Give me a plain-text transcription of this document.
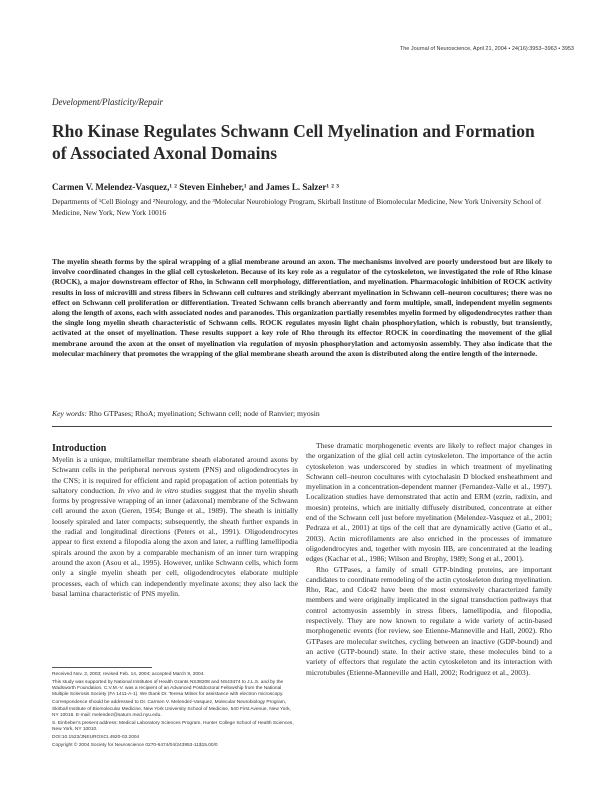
The Journal of Neuroscience, April 21, 2004 • 24(16):3953–3963 • 3953
Development/Plasticity/Repair
Rho Kinase Regulates Schwann Cell Myelination and Formation of Associated Axonal Domains
Carmen V. Melendez-Vasquez,¹ ² Steven Einheber,¹ and James L. Salzer¹ ² ³
Departments of ¹Cell Biology and ²Neurology, and the ³Molecular Neurobiology Program, Skirball Institute of Biomolecular Medicine, New York University School of Medicine, New York, New York 10016
The myelin sheath forms by the spiral wrapping of a glial membrane around an axon. The mechanisms involved are poorly understood but are likely to involve coordinated changes in the glial cell cytoskeleton. Because of its key role as a regulator of the cytoskeleton, we investigated the role of Rho kinase (ROCK), a major downstream effector of Rho, in Schwann cell morphology, differentiation, and myelination. Pharmacologic inhibition of ROCK activity results in loss of microvilli and stress fibers in Schwann cell cultures and strikingly aberrant myelination in Schwann cell–neuron cocultures; there was no effect on Schwann cell proliferation or differentiation. Treated Schwann cells branch aberrantly and form multiple, small, independent myelin segments along the length of axons, each with associated nodes and paranodes. This organization partially resembles myelin formed by oligodendrocytes rather than the single long myelin sheath characteristic of Schwann cells. ROCK regulates myosin light chain phosphorylation, which is robustly, but transiently, activated at the onset of myelination. These results support a key role of Rho through its effector ROCK in coordinating the movement of the glial membrane around the axon at the onset of myelination via regulation of myosin phosphorylation and actomyosin assembly. They also indicate that the molecular machinery that promotes the wrapping of the glial membrane sheath around the axon is distributed along the entire length of the internode.
Key words: Rho GTPases; RhoA; myelination; Schwann cell; node of Ranvier; myosin
Introduction

Myelin is a unique, multilamellar membrane sheath elaborated around axons by Schwann cells in the peripheral nervous system (PNS) and oligodendrocytes in the CNS; it is required for efficient and rapid propagation of action potentials by saltatory conduction. In vivo and in vitro studies suggest that the myelin sheath forms by progressive wrapping of an inner (adaxonal) membrane of the Schwann cell around the axon (Geren, 1954; Bunge et al., 1989). The sheath is initially loosely spiraled and later compacts; subsequently, the sheath further expands in the radial and longitudinal directions (Peters et al., 1991). Oligodendrocytes appear to first extend a filopodia along the axon and later, a ruffling lamellipodia spirals around the axon by a comparable mechanism of an inner turn wrapping around the axon (Asou et al., 1995). However, unlike Schwann cells, which form only a single myelin sheath per cell, oligodendrocytes elaborate multiple processes, each of which can independently myelinate axons; they also lack the basal lamina characteristic of PNS myelin.

These dramatic morphogenetic events are likely to reflect major changes in the organization of the glial cell actin cytoskeleton. The importance of the actin cytoskeleton was underscored by studies in which treatment of myelinating Schwann cell–neuron cocultures with cytochalasin D blocked ensheathment and myelination in a concentration-dependent manner (Fernandez-Valle et al., 1997). Localization studies have demonstrated that actin and ERM (ezrin, radixin, and moesin) proteins, which are initially diffusely distributed, concentrate at either end of the Schwann cell just before myelination (Melendez-Vasquez et al., 2001; Pedraza et al., 2001) at tips of the cell that are dynamically active (Gatto et al., 2003). Actin microfilaments are also enriched in the processes of immature oligodendrocytes and, together with myosin IIB, are concentrated at the leading edges (Kachar et al., 1986; Wilson and Brophy, 1989; Song et al., 2001).

Rho GTPases, a family of small GTP-binding proteins, are important candidates to coordinate remodeling of the actin cytoskeleton during myelination. Rho, Rac, and Cdc42 have been the most extensively characterized family members and were originally implicated in the signal transduction pathways that control actomyosin assembly in stress fibers, lamellipodia, and filopodia, respectively. They are now known to regulate a wide variety of actin-based morphogenetic events (for review, see Etienne-Manneville and Hall, 2002). Rho GTPases are molecular switches, cycling between an inactive (GDP-bound) and an active (GTP-bound) state. In their active state, these molecules bind to a variety of effectors that regulate the actin cytoskeleton and its interaction with microtubules (Etienne-Manneville and Hall, 2002; Rodriguez et al., 2003).

Received Nov. 3, 2003; revised Feb. 14, 2004; accepted March 9, 2004.

This study was supported by National Institutes of Health Grants NS38208 and NS43474 to J.L.S. and by the Wadsworth Foundation. C.V.M.-V. was a recipient of an Advanced Postdoctoral Fellowship from the National Multiple Sclerosis Society (FA 1411-A-1). We thank Dr. Teresa Milner for assistance with electron microscopy.

Correspondence should be addressed to Dr. Carmen V. Melendez-Vasquez, Molecular Neurobiology Program, Skirball Institute of Biomolecular Medicine, New York University School of Medicine, 540 First Avenue, New York, NY 10016. E-mail: melendez@saturn.med.nyu.edu.

S. Einheber’s present address: Medical Laboratory Sciences Program, Hunter College School of Health Sciences, New York, NY 10010.

DOI:10.1523/JNEUROSCI.4920-03.2004

Copyright © 2004 Society for Neuroscience 0270-6474/04/243953-11$15.00/0
